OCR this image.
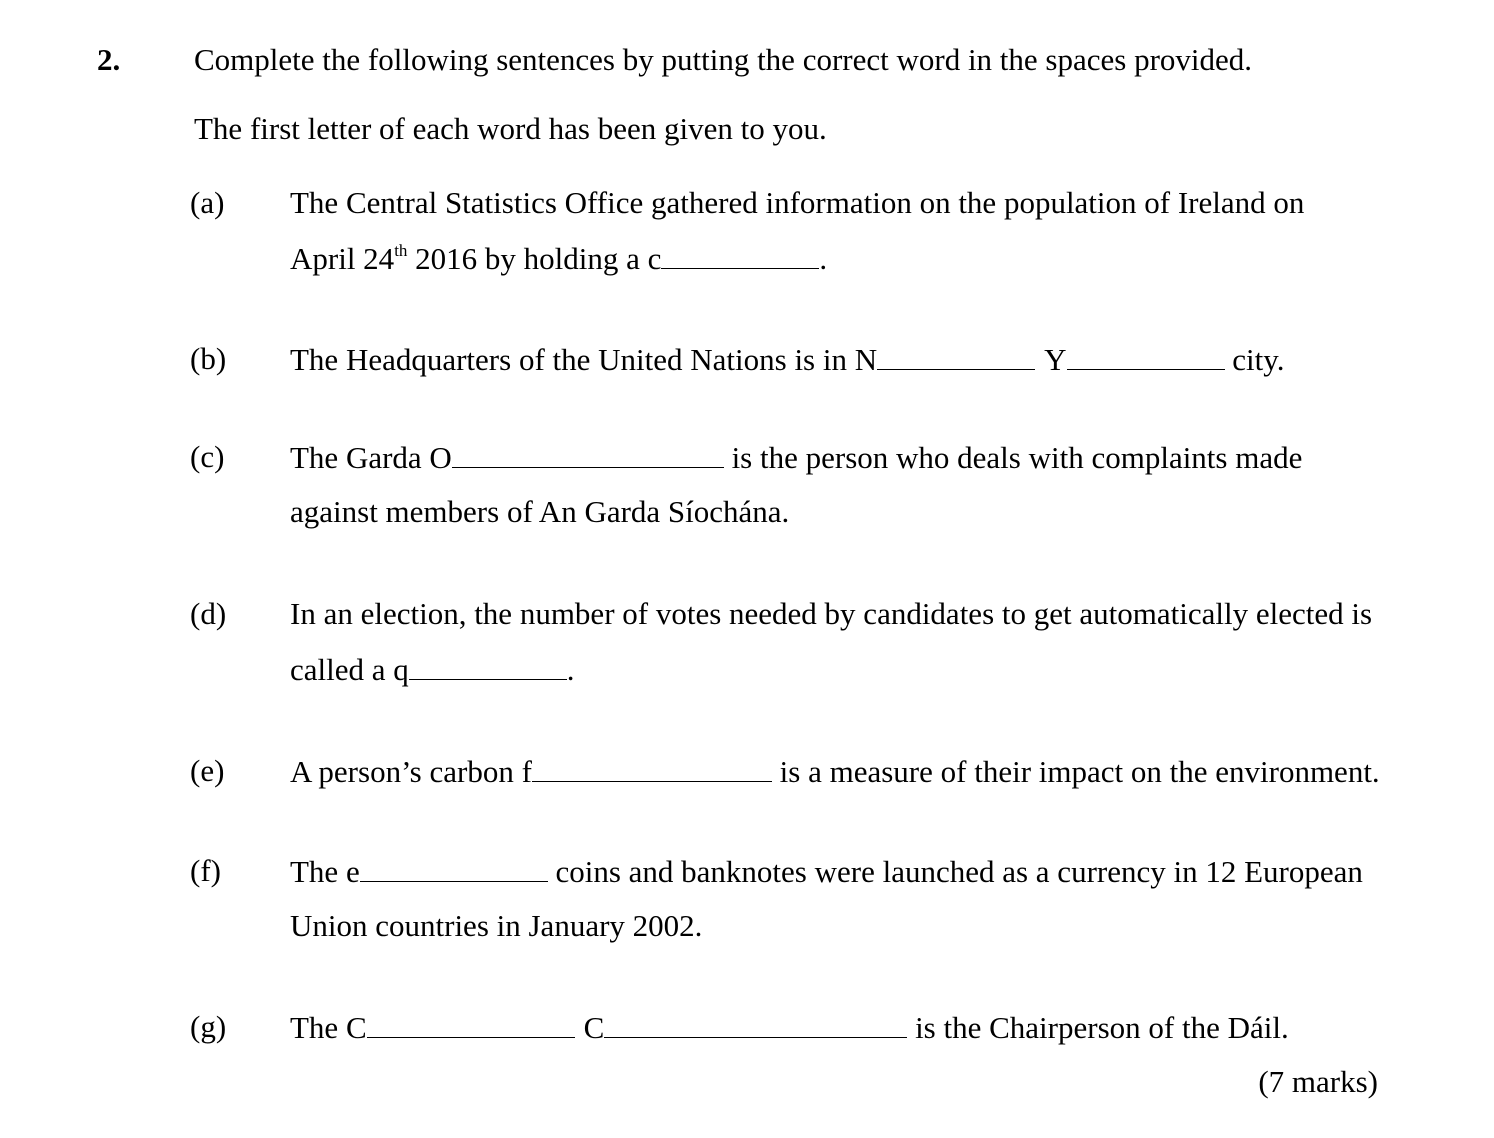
2. Complete the following sentences by putting the correct word in the spaces provided.
The first letter of each word has been given to you.
(a) The Central Statistics Office gathered information on the population of Ireland on
April 24th 2016 by holding a c	.
(b) The Headquarters of the United Nations is in N	Y	city.
(c) The Garda O	is the person who deals with complaints made
against members of An Garda Síochána.
(d) In an election, the number of votes needed by candidates to get automatically elected is
called a q	.
(e) A person’s carbon f	is a measure of their impact on the environment.
(f) The e	coins and banknotes were launched as a currency in 12 European
Union countries in January 2002.
(g) The C	C	is the Chairperson of the Dáil.
(7 marks)
